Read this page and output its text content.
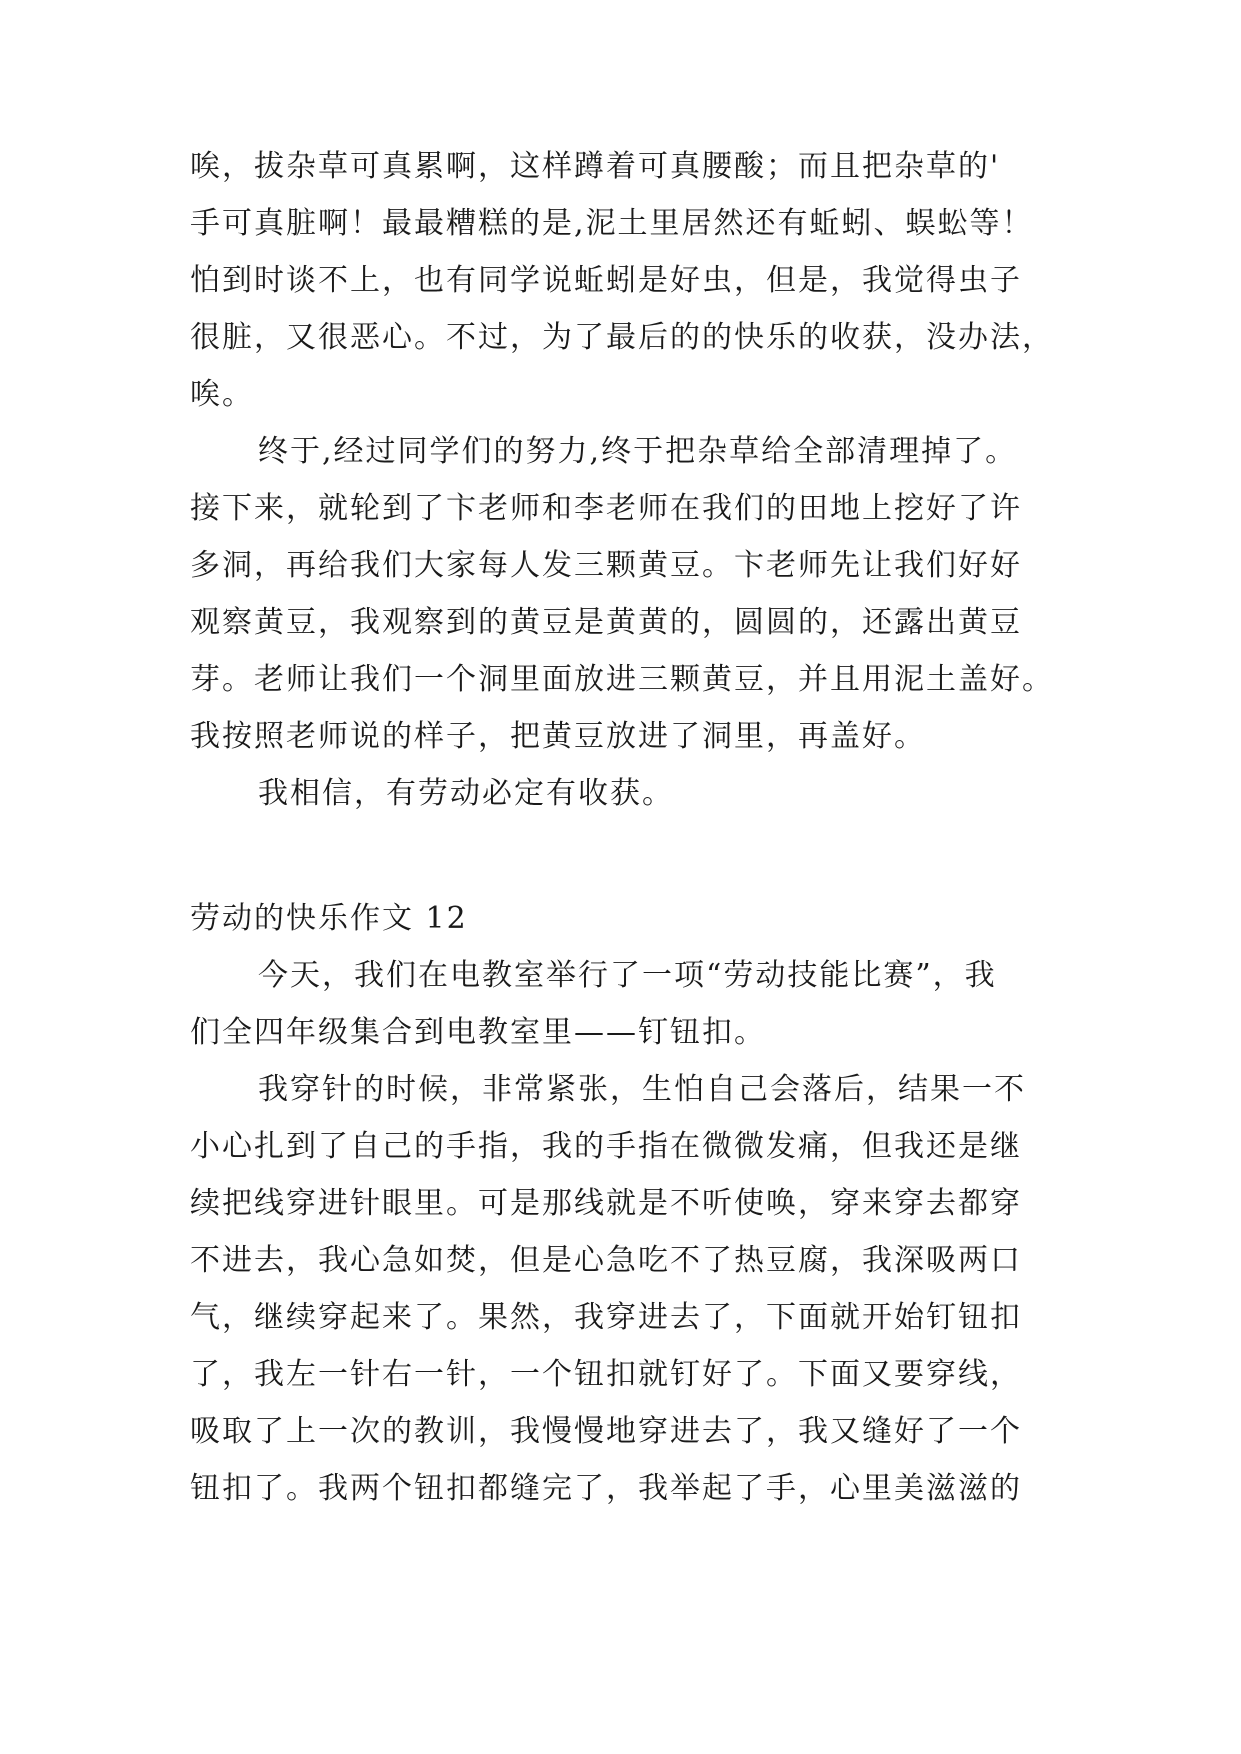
唉，拔杂草可真累啊，这样蹲着可真腰酸；而且把杂草的'
手可真脏啊！最最糟糕的是,泥土里居然还有蚯蚓、蜈蚣等！
怕到时谈不上，也有同学说蚯蚓是好虫，但是，我觉得虫子
很脏，又很恶心。不过，为了最后的的快乐的收获，没办法，
唉。
终于,经过同学们的努力,终于把杂草给全部清理掉了。
接下来，就轮到了卞老师和李老师在我们的田地上挖好了许
多洞，再给我们大家每人发三颗黄豆。卞老师先让我们好好
观察黄豆，我观察到的黄豆是黄黄的，圆圆的，还露出黄豆
芽。老师让我们一个洞里面放进三颗黄豆，并且用泥土盖好。
我按照老师说的样子，把黄豆放进了洞里，再盖好。
我相信，有劳动必定有收获。
劳动的快乐作文 12
今天，我们在电教室举行了一项“劳动技能比赛”，我
们全四年级集合到电教室里——钉钮扣。
我穿针的时候，非常紧张，生怕自己会落后，结果一不
小心扎到了自己的手指，我的手指在微微发痛，但我还是继
续把线穿进针眼里。可是那线就是不听使唤，穿来穿去都穿
不进去，我心急如焚，但是心急吃不了热豆腐，我深吸两口
气，继续穿起来了。果然，我穿进去了，下面就开始钉钮扣
了，我左一针右一针，一个钮扣就钉好了。下面又要穿线，
吸取了上一次的教训，我慢慢地穿进去了，我又缝好了一个
钮扣了。我两个钮扣都缝完了，我举起了手，心里美滋滋的
